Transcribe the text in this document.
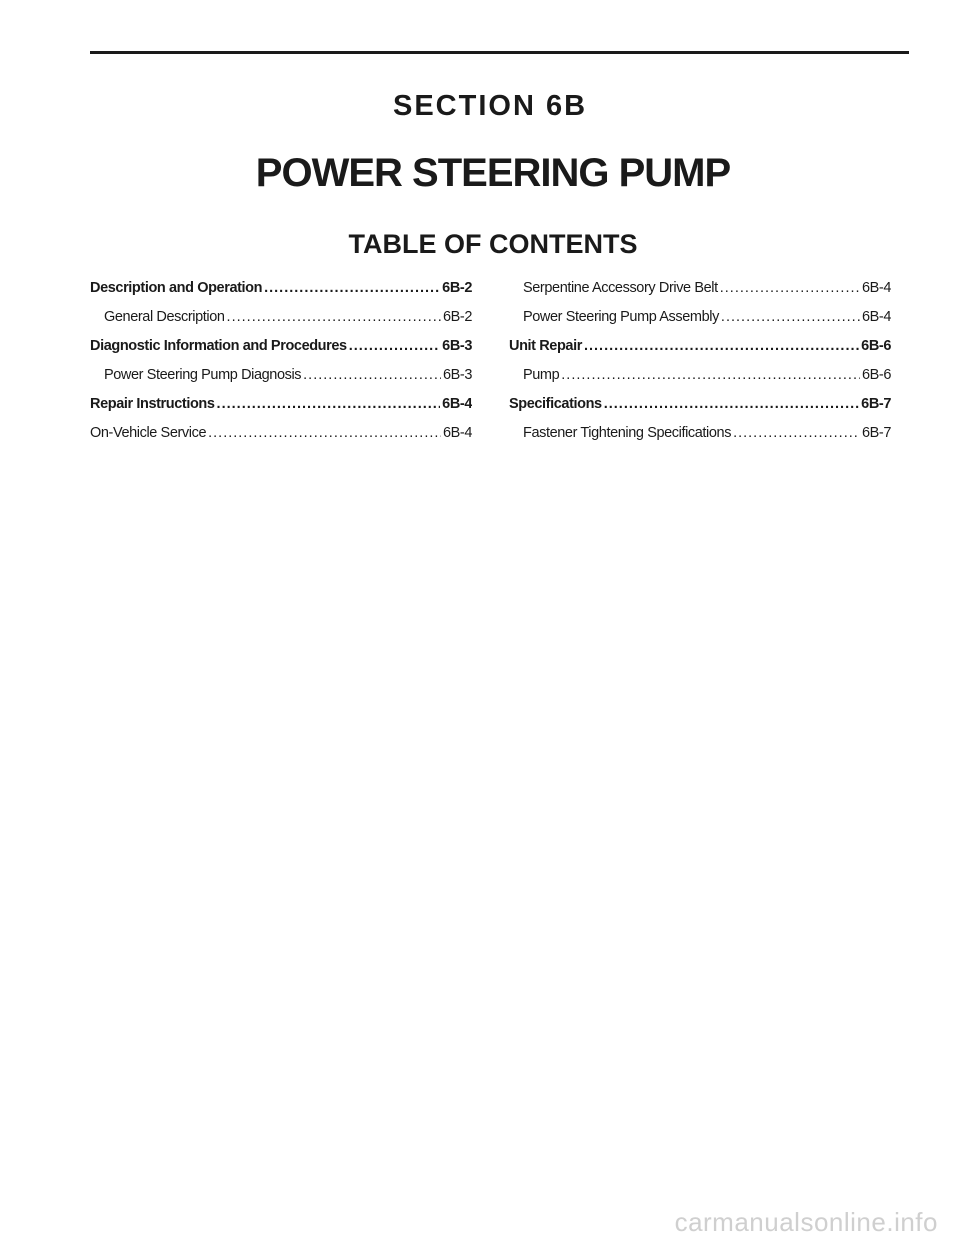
SECTION 6B
POWER STEERING PUMP
TABLE OF CONTENTS
Description and Operation .....	6B-2
General Description .....	6B-2
Diagnostic Information and Procedures .....	6B-3
Power Steering Pump Diagnosis .....	6B-3
Repair Instructions .....	6B-4
On-Vehicle Service .....	6B-4
Serpentine Accessory Drive Belt .....	6B-4
Power Steering Pump Assembly .....	6B-4
Unit Repair .....	6B-6
Pump .....	6B-6
Specifications .....	6B-7
Fastener Tightening Specifications .....	6B-7
carmanualsonline.info
